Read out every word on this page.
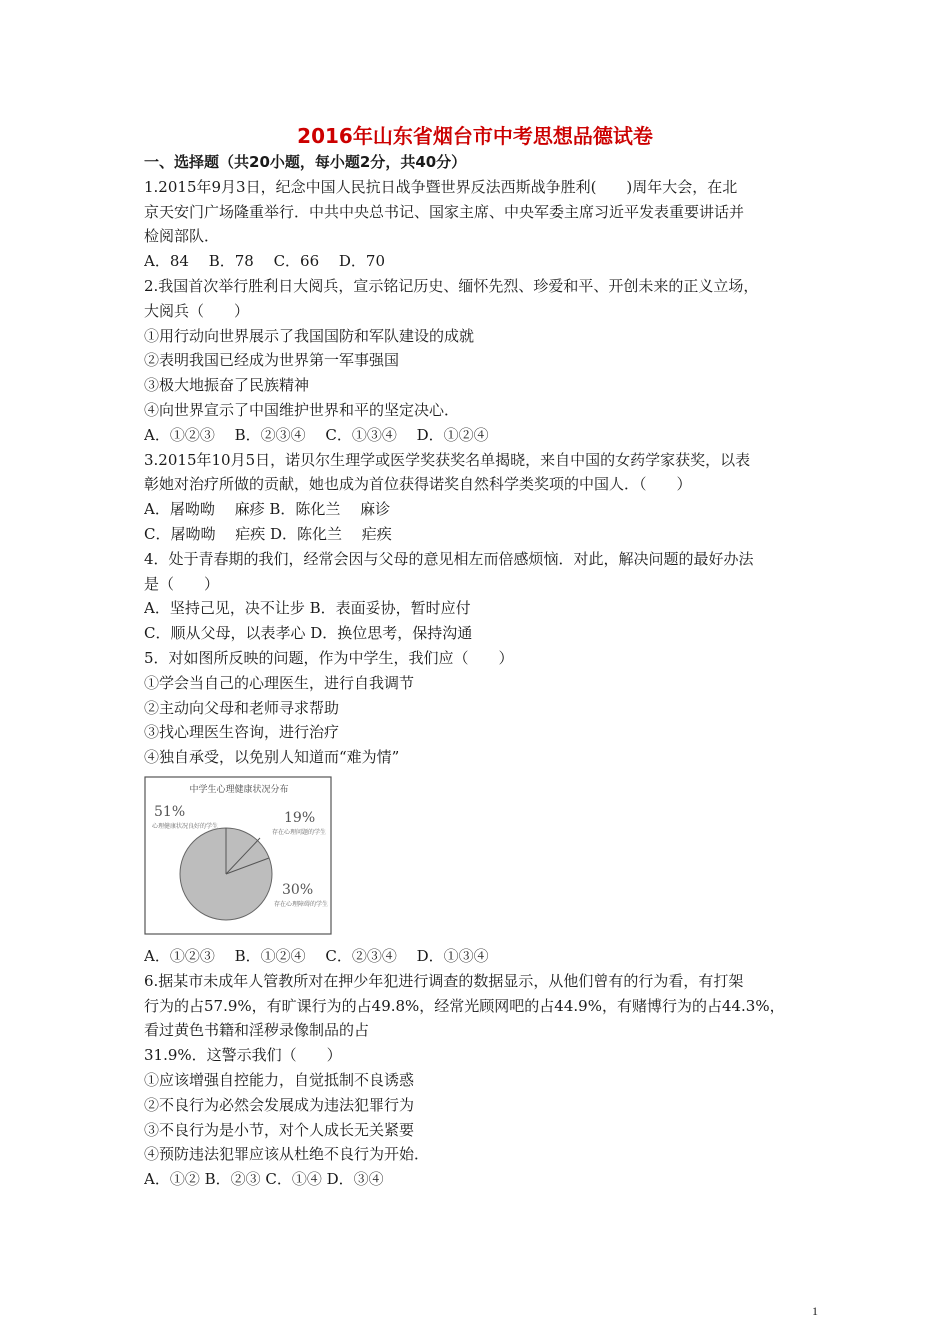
2016年山东省烟台市中考思想品德试卷
一、选择题（共20小题，每小题2分，共40分）
1.2015年9月3日，纪念中国人民抗日战争暨世界反法西斯战争胜利(　　)周年大会，在北
京天安门广场隆重举行．中共中央总书记、国家主席、中央军委主席习近平发表重要讲话并
检阅部队．
A．84　 B．78　 C．66　 D．70
2.我国首次举行胜利日大阅兵，宣示铭记历史、缅怀先烈、珍爱和平、开创未来的正义立场，
大阅兵（　　）
①用行动向世界展示了我国国防和军队建设的成就
②表明我国已经成为世界第一军事强国
③极大地振奋了民族精神
④向世界宣示了中国维护世界和平的坚定决心．
A．①②③　 B．②③④　 C．①③④　 D．①②④
3.2015年10月5日，诺贝尔生理学或医学奖获奖名单揭晓，来自中国的女药学家获奖，以表
彰她对治疗所做的贡献，她也成为首位获得诺奖自然科学类奖项的中国人．（　　）
A．屠呦呦　 麻疹 B．陈化兰　 麻诊
C．屠呦呦　 疟疾 D．陈化兰　 疟疾
4．处于青春期的我们，经常会因与父母的意见相左而倍感烦恼．对此，解决问题的最好办法
是（　　）
A．坚持己见，决不让步 B．表面妥协，暂时应付
C．顺从父母，以表孝心 D．换位思考，保持沟通
5．对如图所反映的问题，作为中学生，我们应（　　）
①学会当自己的心理医生，进行自我调节
②主动向父母和老师寻求帮助
③找心理医生咨询，进行治疗
④独自承受，以免别人知道而“难为情”
中学生心理健康状况分布
51%
心理健康状况良好的学生
19%
存在心理问题的学生
30%
存在心理障碍的学生
A．①②③　 B．①②④　 C．②③④　 D．①③④
6.据某市未成年人管教所对在押少年犯进行调查的数据显示，从他们曾有的行为看，有打架
行为的占57.9%，有旷课行为的占49.8%，经常光顾网吧的占44.9%，有赌博行为的占44.3%，
看过黄色书籍和淫秽录像制品的占
31.9%．这警示我们（　　）
①应该增强自控能力，自觉抵制不良诱惑
②不良行为必然会发展成为违法犯罪行为
③不良行为是小节，对个人成长无关紧要
④预防违法犯罪应该从杜绝不良行为开始．
A．①② B．②③ C．①④ D．③④
1
